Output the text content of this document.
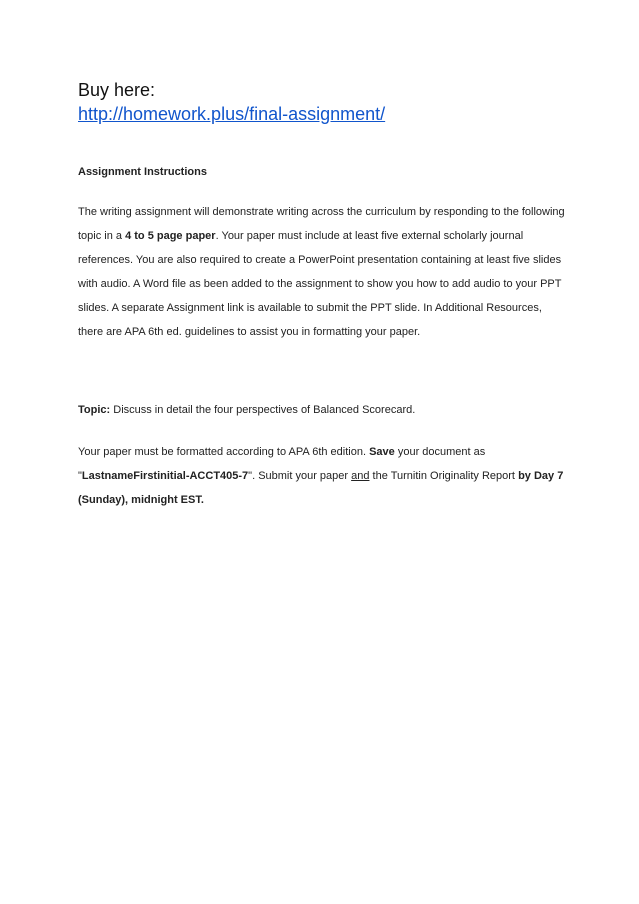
Buy here:

http://homework.plus/final-assignment/

Assignment Instructions

The writing assignment will demonstrate writing across the curriculum by responding to the following topic in a 4 to 5 page paper. Your paper must include at least five external scholarly journal references. You are also required to create a PowerPoint presentation containing at least five slides with audio. A Word file as been added to the assignment to show you how to add audio to your PPT slides. A separate Assignment link is available to submit the PPT slide. In Additional Resources, there are APA 6th ed. guidelines to assist you in formatting your paper.

Topic: Discuss in detail the four perspectives of Balanced Scorecard.

Your paper must be formatted according to APA 6th edition. Save your document as "LastnameFirstinitial-ACCT405-7". Submit your paper and the Turnitin Originality Report by Day 7 (Sunday), midnight EST.
